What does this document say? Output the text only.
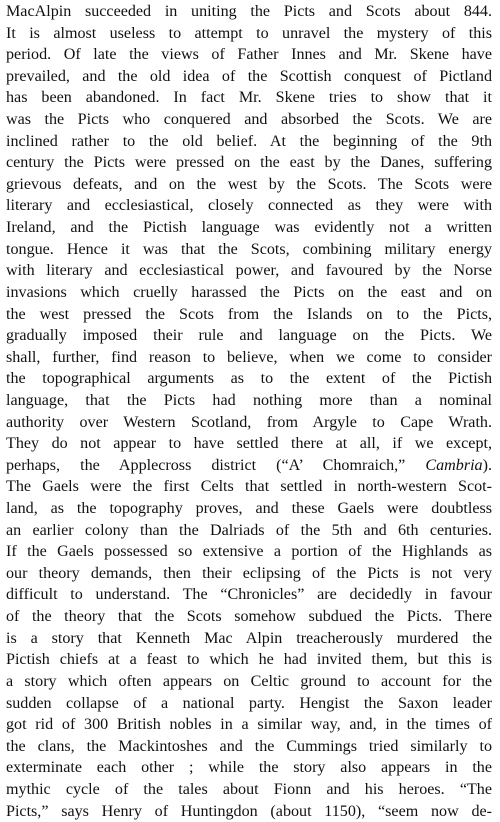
MacAlpin succeeded in uniting the Picts and Scots about 844.
It is almost useless to attempt to unravel the mystery of this
period. Of late the views of Father Innes and Mr. Skene have
prevailed, and the old idea of the Scottish conquest of Pictland
has been abandoned. In fact Mr. Skene tries to show that it
was the Picts who conquered and absorbed the Scots. We are
inclined rather to the old belief. At the beginning of the 9th
century the Picts were pressed on the east by the Danes, suffering
grievous defeats, and on the west by the Scots. The Scots were
literary and ecclesiastical, closely connected as they were with
Ireland, and the Pictish language was evidently not a written
tongue. Hence it was that the Scots, combining military energy
with literary and ecclesiastical power, and favoured by the Norse
invasions which cruelly harassed the Picts on the east and on
the west pressed the Scots from the Islands on to the Picts,
gradually imposed their rule and language on the Picts. We
shall, further, find reason to believe, when we come to consider
the topographical arguments as to the extent of the Pictish
language, that the Picts had nothing more than a nominal
authority over Western Scotland, from Argyle to Cape Wrath.
They do not appear to have settled there at all, if we except,
perhaps, the Applecross district (“A’ Chomraich,” Cambria).
The Gaels were the first Celts that settled in north-western Scot-
land, as the topography proves, and these Gaels were doubtless
an earlier colony than the Dalriads of the 5th and 6th centuries.
If the Gaels possessed so extensive a portion of the Highlands as
our theory demands, then their eclipsing of the Picts is not very
difficult to understand. The “Chronicles” are decidedly in favour
of the theory that the Scots somehow subdued the Picts. There
is a story that Kenneth Mac Alpin treacherously murdered the
Pictish chiefs at a feast to which he had invited them, but this is
a story which often appears on Celtic ground to account for the
sudden collapse of a national party. Hengist the Saxon leader
got rid of 300 British nobles in a similar way, and, in the times of
the clans, the Mackintoshes and the Cummings tried similarly to
exterminate each other ; while the story also appears in the
mythic cycle of the tales about Fionn and his heroes. “The
Picts,” says Henry of Huntingdon (about 1150), “seem now de-
